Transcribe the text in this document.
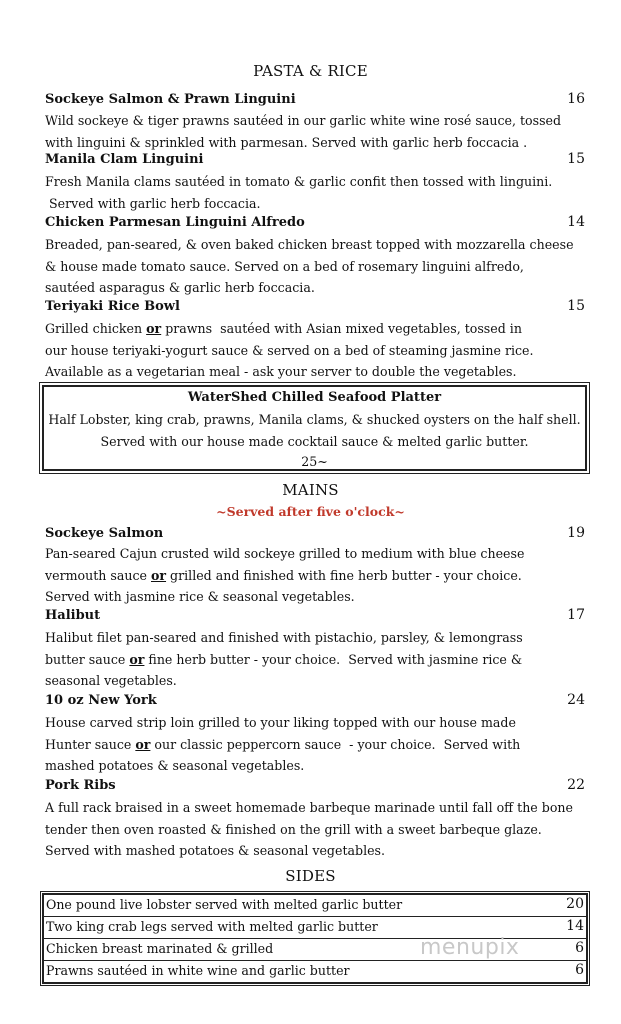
PASTA & RICE
Sockeye Salmon & Prawn Linguini	16
Wild sockeye & tiger prawns sautéed in our garlic white wine rosé sauce, tossed
with linguini & sprinkled with parmesan. Served with garlic herb foccacia .
Manila Clam Linguini	15
Fresh Manila clams sautéed in tomato & garlic confit then tossed with linguini.
Served with garlic herb foccacia.
Chicken Parmesan Linguini Alfredo	14
Breaded, pan-seared, & oven baked chicken breast topped with mozzarella cheese
& house made tomato sauce. Served on a bed of rosemary linguini alfredo,
sautéed asparagus & garlic herb foccacia.
Teriyaki Rice Bowl	15
Grilled chicken or prawns  sautéed with Asian mixed vegetables, tossed in
our house teriyaki-yogurt sauce & served on a bed of steaming jasmine rice.
Available as a vegetarian meal - ask your server to double the vegetables.
WaterShed Chilled Seafood Platter
Half Lobster, king crab, prawns, Manila clams, & shucked oysters on the half shell.
Served with our house made cocktail sauce & melted garlic butter.
25~
MAINS
~Served after five o'clock~
Sockeye Salmon	19
Pan-seared Cajun crusted wild sockeye grilled to medium with blue cheese
vermouth sauce or grilled and finished with fine herb butter - your choice.
Served with jasmine rice & seasonal vegetables.
Halibut	17
Halibut filet pan-seared and finished with pistachio, parsley, & lemongrass
butter sauce or fine herb butter - your choice.  Served with jasmine rice &
seasonal vegetables.
10 oz New York	24
House carved strip loin grilled to your liking topped with our house made
Hunter sauce or our classic peppercorn sauce  - your choice.  Served with
mashed potatoes & seasonal vegetables.
Pork Ribs	22
A full rack braised in a sweet homemade barbeque marinade until fall off the bone
tender then oven roasted & finished on the grill with a sweet barbeque glaze.
Served with mashed potatoes & seasonal vegetables.
SIDES
One pound live lobster served with melted garlic butter	20
Two king crab legs served with melted garlic butter	14
Chicken breast marinated & grilled	6
Prawns sautéed in white wine and garlic butter	6
menupix
